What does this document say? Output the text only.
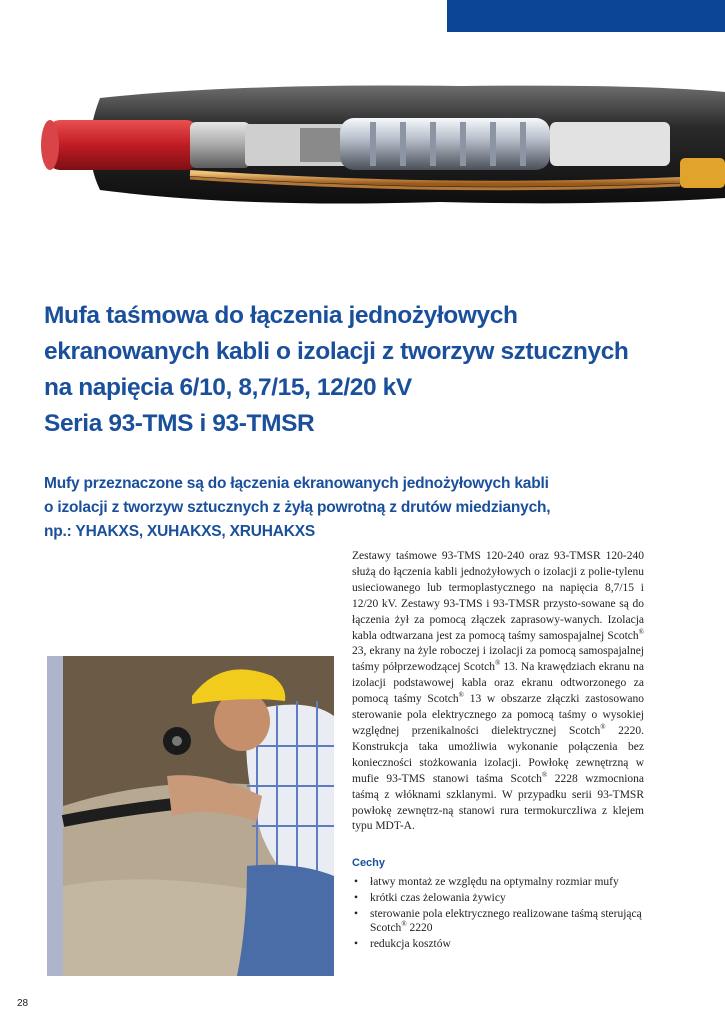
Mufa taśmowa do łączenia jednożyłowych
ekranowanych kabli o izolacji z tworzyw sztucznych
na napięcia 6/10, 8,7/15, 12/20 kV
Seria 93-TMS i 93-TMSR
Mufy przeznaczone są do łączenia ekranowanych jednożyłowych kabli
o izolacji z tworzyw sztucznych z żyłą powrotną z drutów miedzianych,
np.: YHAKXS, XUHAKXS, XRUHAKXS

Zestawy taśmowe 93-TMS 120-240 oraz 93-TMSR 120-240 służą do łączenia kabli jednożyłowych o izolacji z polie-tylenu usieciowanego lub termoplastycznego na napięcia 8,7/15 i 12/20 kV. Zestawy 93-TMS i 93-TMSR przysto-sowane są do łączenia żył za pomocą złączek zaprasowy-wanych. Izolacja kabla odtwarzana jest za pomocą taśmy samospajalnej Scotch® 23, ekrany na żyle roboczej i izolacji za pomocą samospajalnej taśmy półprzewodzącej Scotch® 13. Na krawędziach ekranu na izolacji podstawowej kabla oraz ekranu odtworzonego za pomocą taśmy Scotch® 13 w obszarze złączki zastosowano sterowanie pola elektrycznego za pomocą taśmy o wysokiej względnej przenikalności dielektrycznej Scotch® 2220. Konstrukcja taka umożliwia wykonanie połączenia bez konieczności stożkowania izolacji. Powłokę zewnętrzną w mufie 93-TMS stanowi taśma Scotch® 2228 wzmocniona taśmą z włóknami szklanymi. W przypadku serii 93-TMSR powłokę zewnętrz-ną stanowi rura termokurczliwa z klejem typu MDT-A.

Cechy
• łatwy montaż ze względu na optymalny rozmiar mufy
• krótki czas żelowania żywicy
• sterowanie pola elektrycznego realizowane taśmą sterującą Scotch® 2220
• redukcja kosztów
28
